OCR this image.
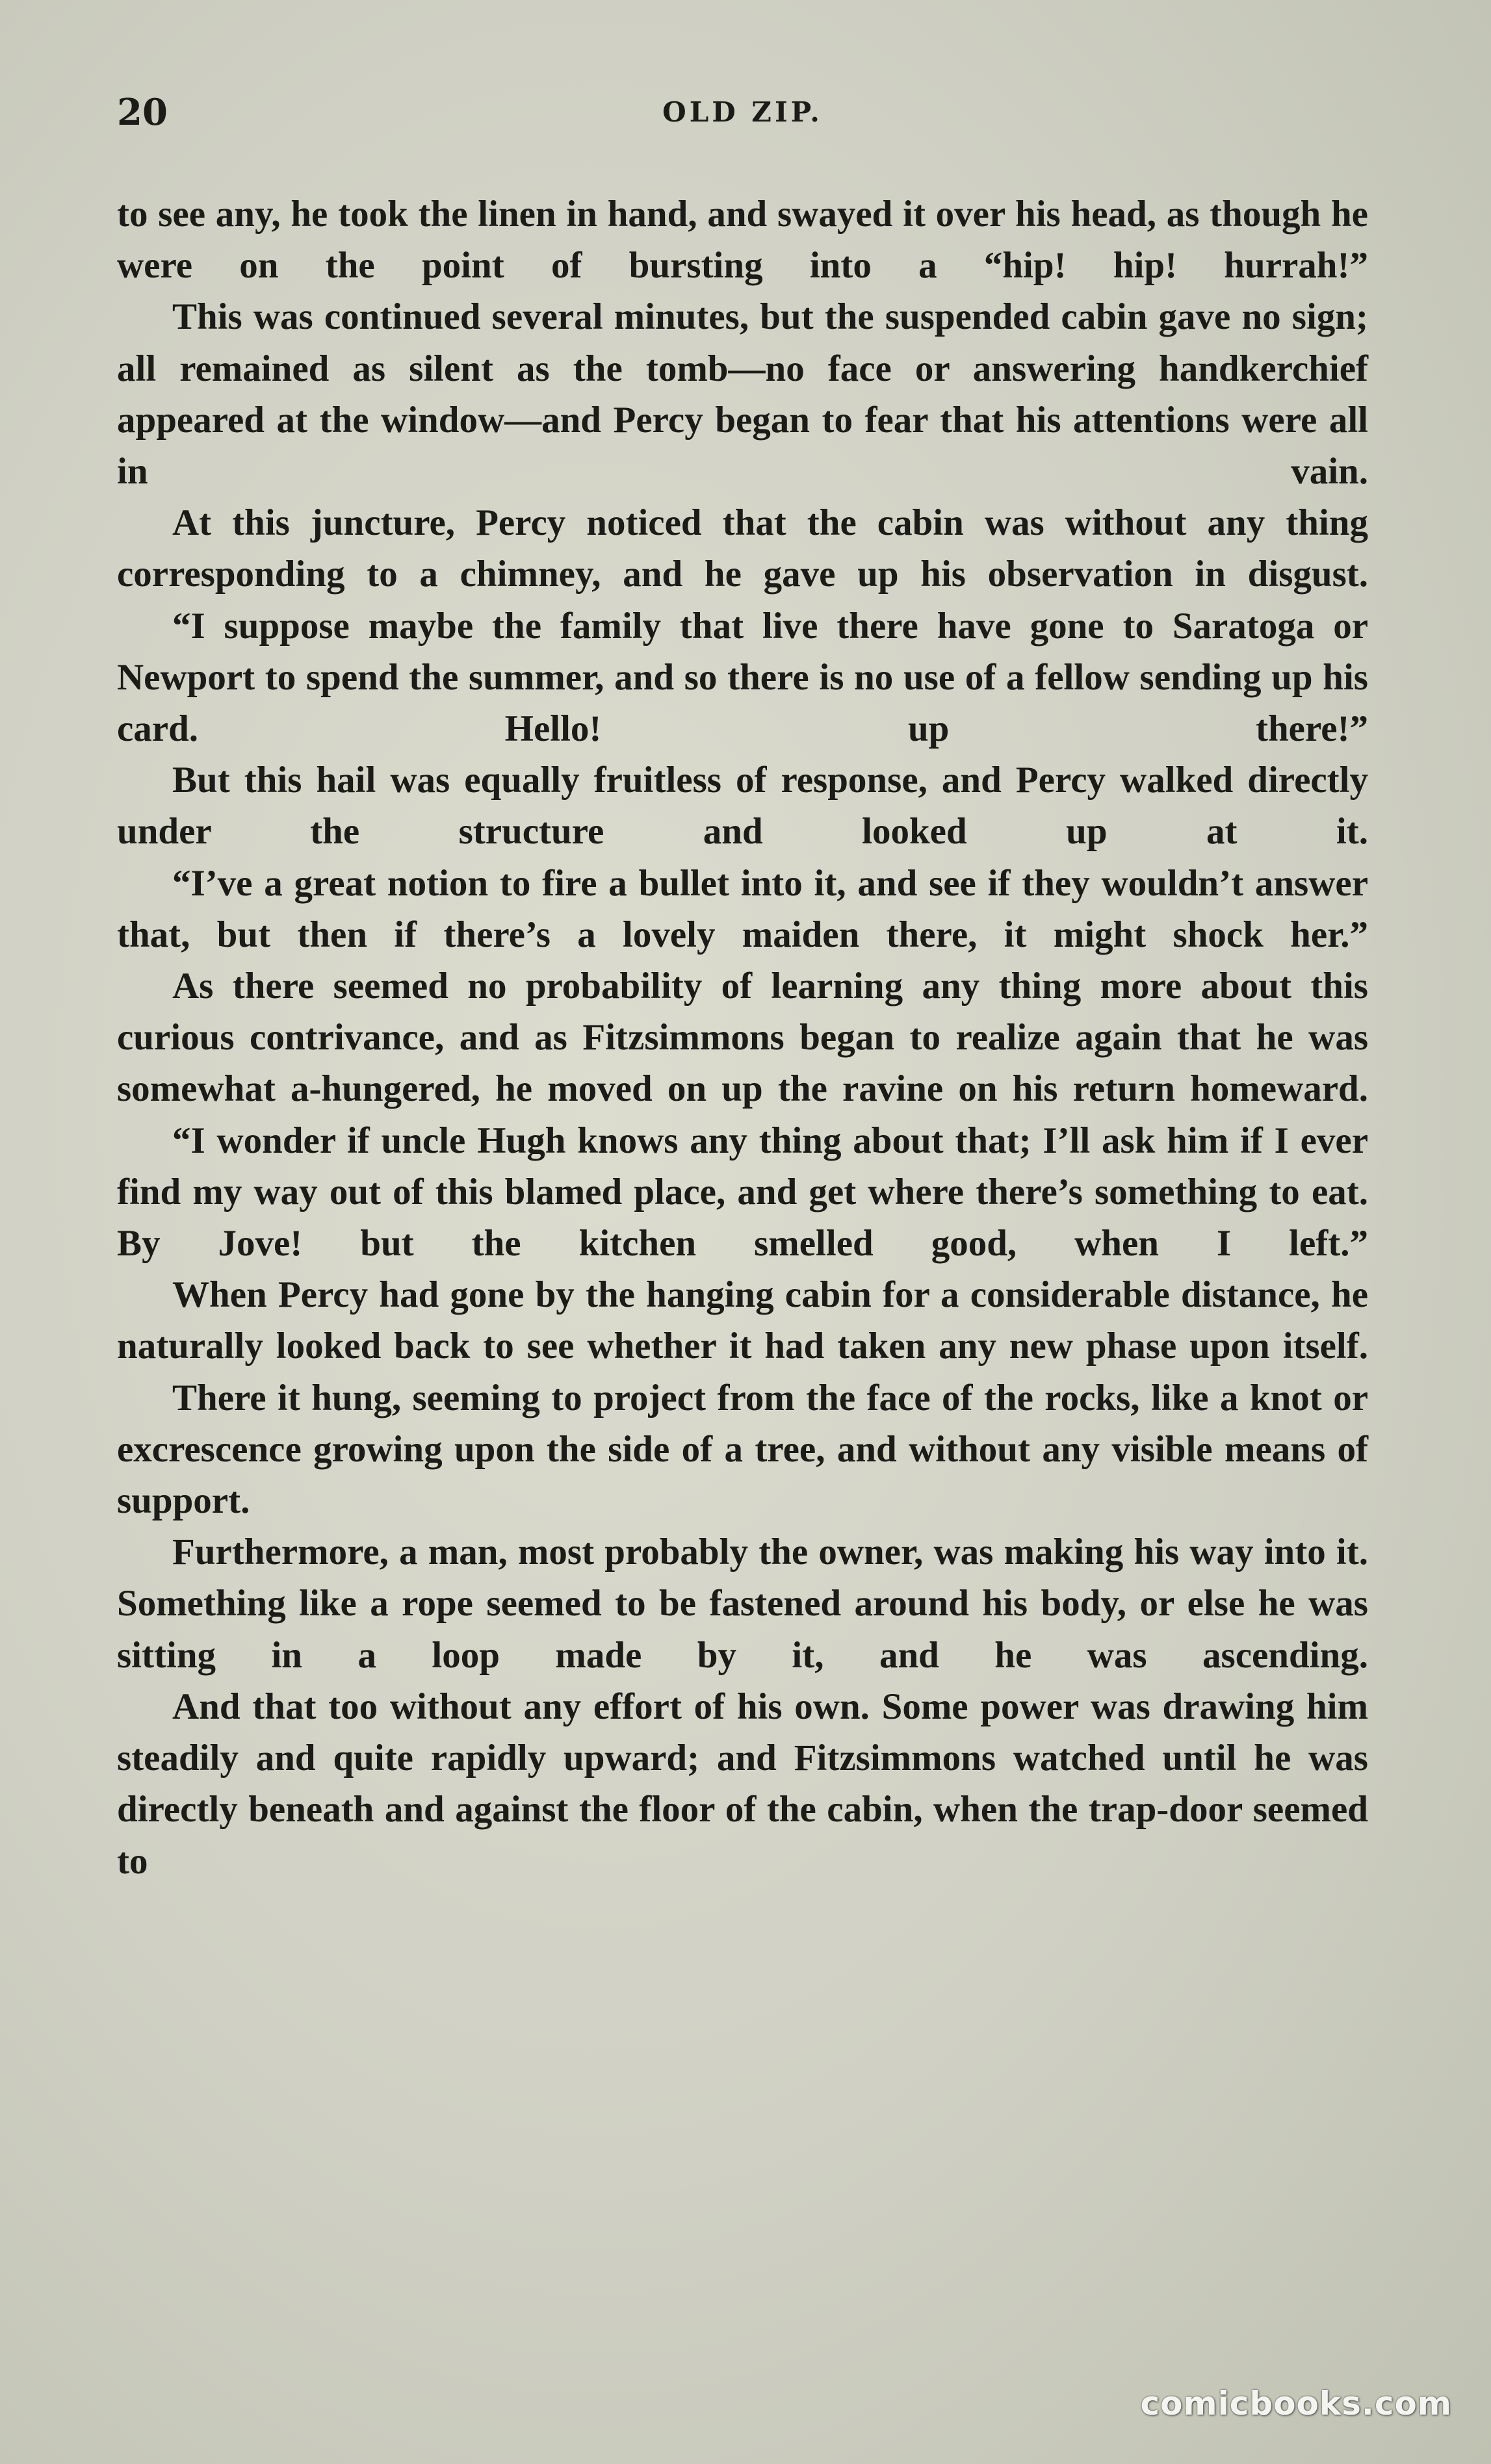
20	OLD ZIP.

to see any, he took the linen in hand, and swayed it over his head, as though he were on the point of bursting into a “hip! hip! hurrah!”

This was continued several minutes, but the suspended cabin gave no sign; all remained as silent as the tomb—no face or answering handkerchief appeared at the window—and Percy began to fear that his attentions were all in vain.

At this juncture, Percy noticed that the cabin was without any thing corresponding to a chimney, and he gave up his observation in disgust.

“I suppose maybe the family that live there have gone to Saratoga or Newport to spend the summer, and so there is no use of a fellow sending up his card. Hello! up there!”

But this hail was equally fruitless of response, and Percy walked directly under the structure and looked up at it.

“I’ve a great notion to fire a bullet into it, and see if they wouldn’t answer that, but then if there’s a lovely maiden there, it might shock her.”

As there seemed no probability of learning any thing more about this curious contrivance, and as Fitzsimmons began to realize again that he was somewhat a-hungered, he moved on up the ravine on his return homeward.

“I wonder if uncle Hugh knows any thing about that; I’ll ask him if I ever find my way out of this blamed place, and get where there’s something to eat. By Jove! but the kitchen smelled good, when I left.”

When Percy had gone by the hanging cabin for a considerable distance, he naturally looked back to see whether it had taken any new phase upon itself.

There it hung, seeming to project from the face of the rocks, like a knot or excrescence growing upon the side of a tree, and without any visible means of support.

Furthermore, a man, most probably the owner, was making his way into it. Something like a rope seemed to be fastened around his body, or else he was sitting in a loop made by it, and he was ascending.

And that too without any effort of his own. Some power was drawing him steadily and quite rapidly upward; and Fitzsimmons watched until he was directly beneath and against the floor of the cabin, when the trap-door seemed to

comicbooks.com
